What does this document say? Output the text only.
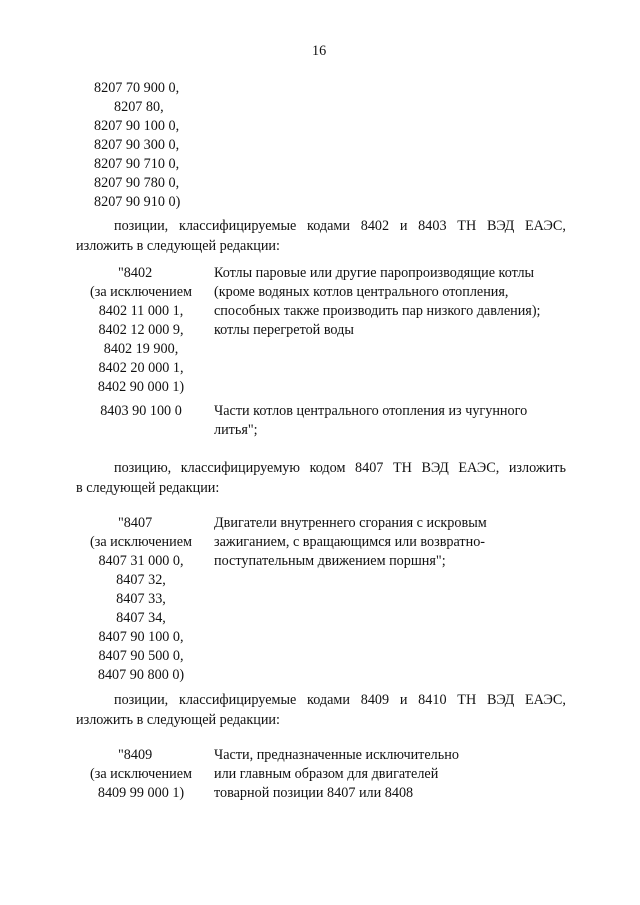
16
8207 70 900 0,
8207 80,
8207 90 100 0,
8207 90 300 0,
8207 90 710 0,
8207 90 780 0,
8207 90 910 0)
позиции, классифицируемые кодами 8402 и 8403 ТН ВЭД ЕАЭС,
изложить в следующей редакции:
"8402
(за исключением
8402 11 000 1,
8402 12 000 9,
8402 19 900,
8402 20 000 1,
8402 90 000 1)
Котлы паровые или другие паропроизводящие котлы
(кроме водяных котлов центрального отопления,
способных также производить пар низкого давления);
котлы перегретой воды
8403 90 100 0	Части котлов центрального отопления из чугунного
литья";
позицию, классифицируемую кодом 8407 ТН ВЭД ЕАЭС, изложить
в следующей редакции:
"8407
(за исключением
8407 31 000 0,
8407 32,
8407 33,
8407 34,
8407 90 100 0,
8407 90 500 0,
8407 90 800 0)
Двигатели внутреннего сгорания с искровым
зажиганием, с вращающимся или возвратно-
поступательным движением поршня";
позиции, классифицируемые кодами 8409 и 8410 ТН ВЭД ЕАЭС,
изложить в следующей редакции:
"8409
(за исключением
8409 99 000 1)
Части, предназначенные исключительно
или главным образом для двигателей
товарной позиции 8407 или 8408
